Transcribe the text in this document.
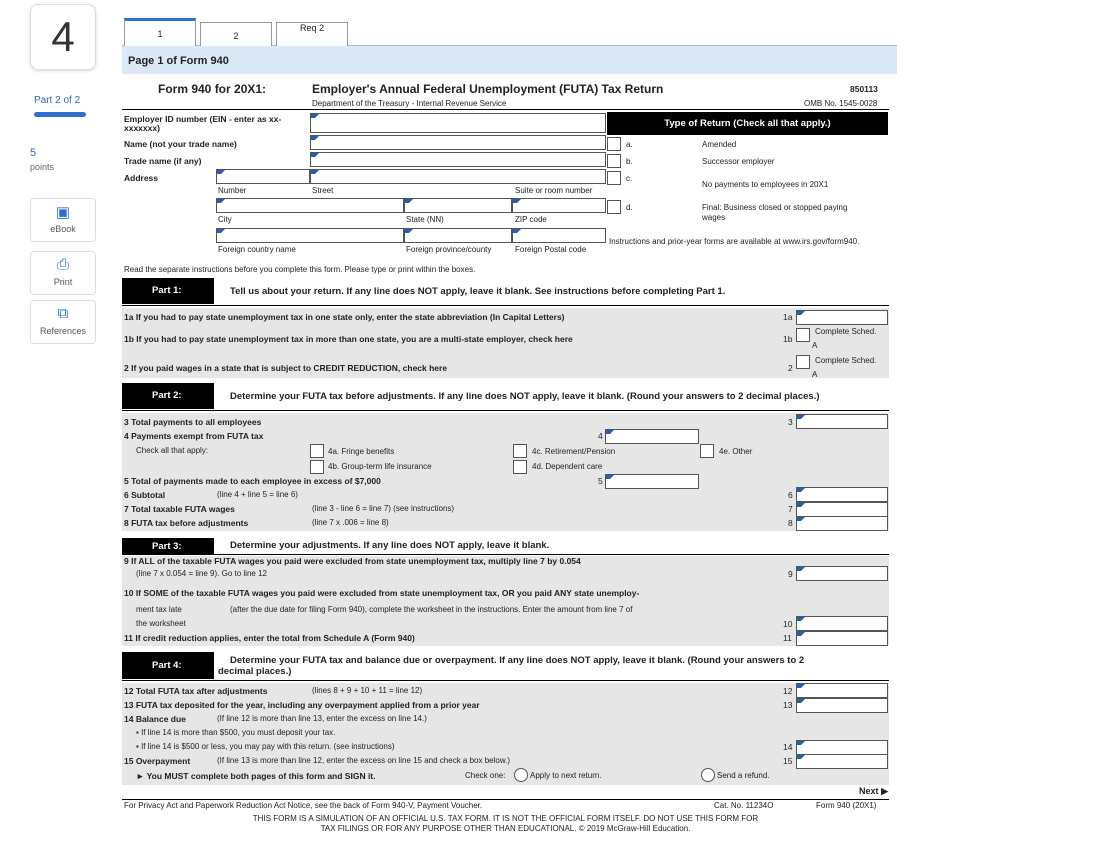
4
Part 2 of 2
5
points
▣
eBook
⎙
Print
⧉
References
1	2
Req 2
Page 1 of Form 940
Form 940 for 20X1:	Employer's Annual Federal Unemployment (FUTA) Tax Return
Department of the Treasury - Internal Revenue Service
850113
OMB No. 1545-0028
Employer ID number (EIN - enter as xx-
xxxxxxx)
Name (not your trade name)
Trade name (if any)
Address
Number	Street	Suite or room number
City	State (NN)	ZIP code
Foreign country name	Foreign province/county	Foreign Postal code
Type of Return (Check all that apply.)
a.	Amended
b.	Successor employer
c.
No payments to employees in 20X1
d.	Final: Business closed or stopped paying
wages
Instructions and prior-year forms are available at www.irs.gov/form940.
Read the separate instructions before you complete this form. Please type or print within the boxes.
Part 1:	Tell us about your return. If any line does NOT apply, leave it blank. See instructions before completing Part 1.
1a If you had to pay state unemployment tax in one state only, enter the state abbreviation (In Capital Letters)	1a
1b If you had to pay state unemployment tax in more than one state, you are a multi-state employer, check here	1b
Complete Sched.
A
2 If you paid wages in a state that is subject to CREDIT REDUCTION, check here	2
Complete Sched.
A
Part 2:	Determine your FUTA tax before adjustments. If any line does NOT apply, leave it blank. (Round your answers to 2 decimal places.)
3 Total payments to all employees	3
4 Payments exempt from FUTA tax	4
Check all that apply:	4a. Fringe benefits
4b. Group-term life insurance
4c. Retirement/Pension
4d. Dependent care
4e. Other
5 Total of payments made to each employee in excess of $7,000	5
6 Subtotal	(line 4 + line 5 = line 6)	6
7 Total taxable FUTA wages	(line 3 - line 6 = line 7) (see instructions)	7
8 FUTA tax before adjustments	(line 7 x .006 = line 8)	8
Part 3:	Determine your adjustments. If any line does NOT apply, leave it blank.
9 If ALL of the taxable FUTA wages you paid were excluded from state unemployment tax, multiply line 7 by 0.054
(line 7 x 0.054 = line 9). Go to line 12	9
10 If SOME of the taxable FUTA wages you paid were excluded from state unemployment tax, OR you paid ANY state unemploy-
ment tax late	(after the due date for filing Form 940), complete the worksheet in the instructions. Enter the amount from line 7 of
the worksheet	10
11 If credit reduction applies, enter the total from Schedule A (Form 940)	11
Part 4:	Determine your FUTA tax and balance due or overpayment. If any line does NOT apply, leave it blank. (Round your answers to 2
decimal places.)
12 Total FUTA tax after adjustments	(lines 8 + 9 + 10 + 11 = line 12)	12
13 FUTA tax deposited for the year, including any overpayment applied from a prior year	13
14 Balance due	(If line 12 is more than line 13, enter the excess on line 14.)
▪ If line 14 is more than $500, you must deposit your tax.
▪ If line 14 is $500 or less, you may pay with this return. (see instructions)	14
15 Overpayment	(If line 13 is more than line 12, enter the excess on line 15 and check a box below.)	15
► You MUST complete both pages of this form and SIGN it.	Check one:	Apply to next return.	Send a refund.
Next ▶
For Privacy Act and Paperwork Reduction Act Notice, see the back of Form 940-V, Payment Voucher.	Cat. No. 11234O	Form 940 (20X1)
THIS FORM IS A SIMULATION OF AN OFFICIAL U.S. TAX FORM. IT IS NOT THE OFFICIAL FORM ITSELF. DO NOT USE THIS FORM FOR
TAX FILINGS OR FOR ANY PURPOSE OTHER THAN EDUCATIONAL. © 2019 McGraw-Hill Education.
